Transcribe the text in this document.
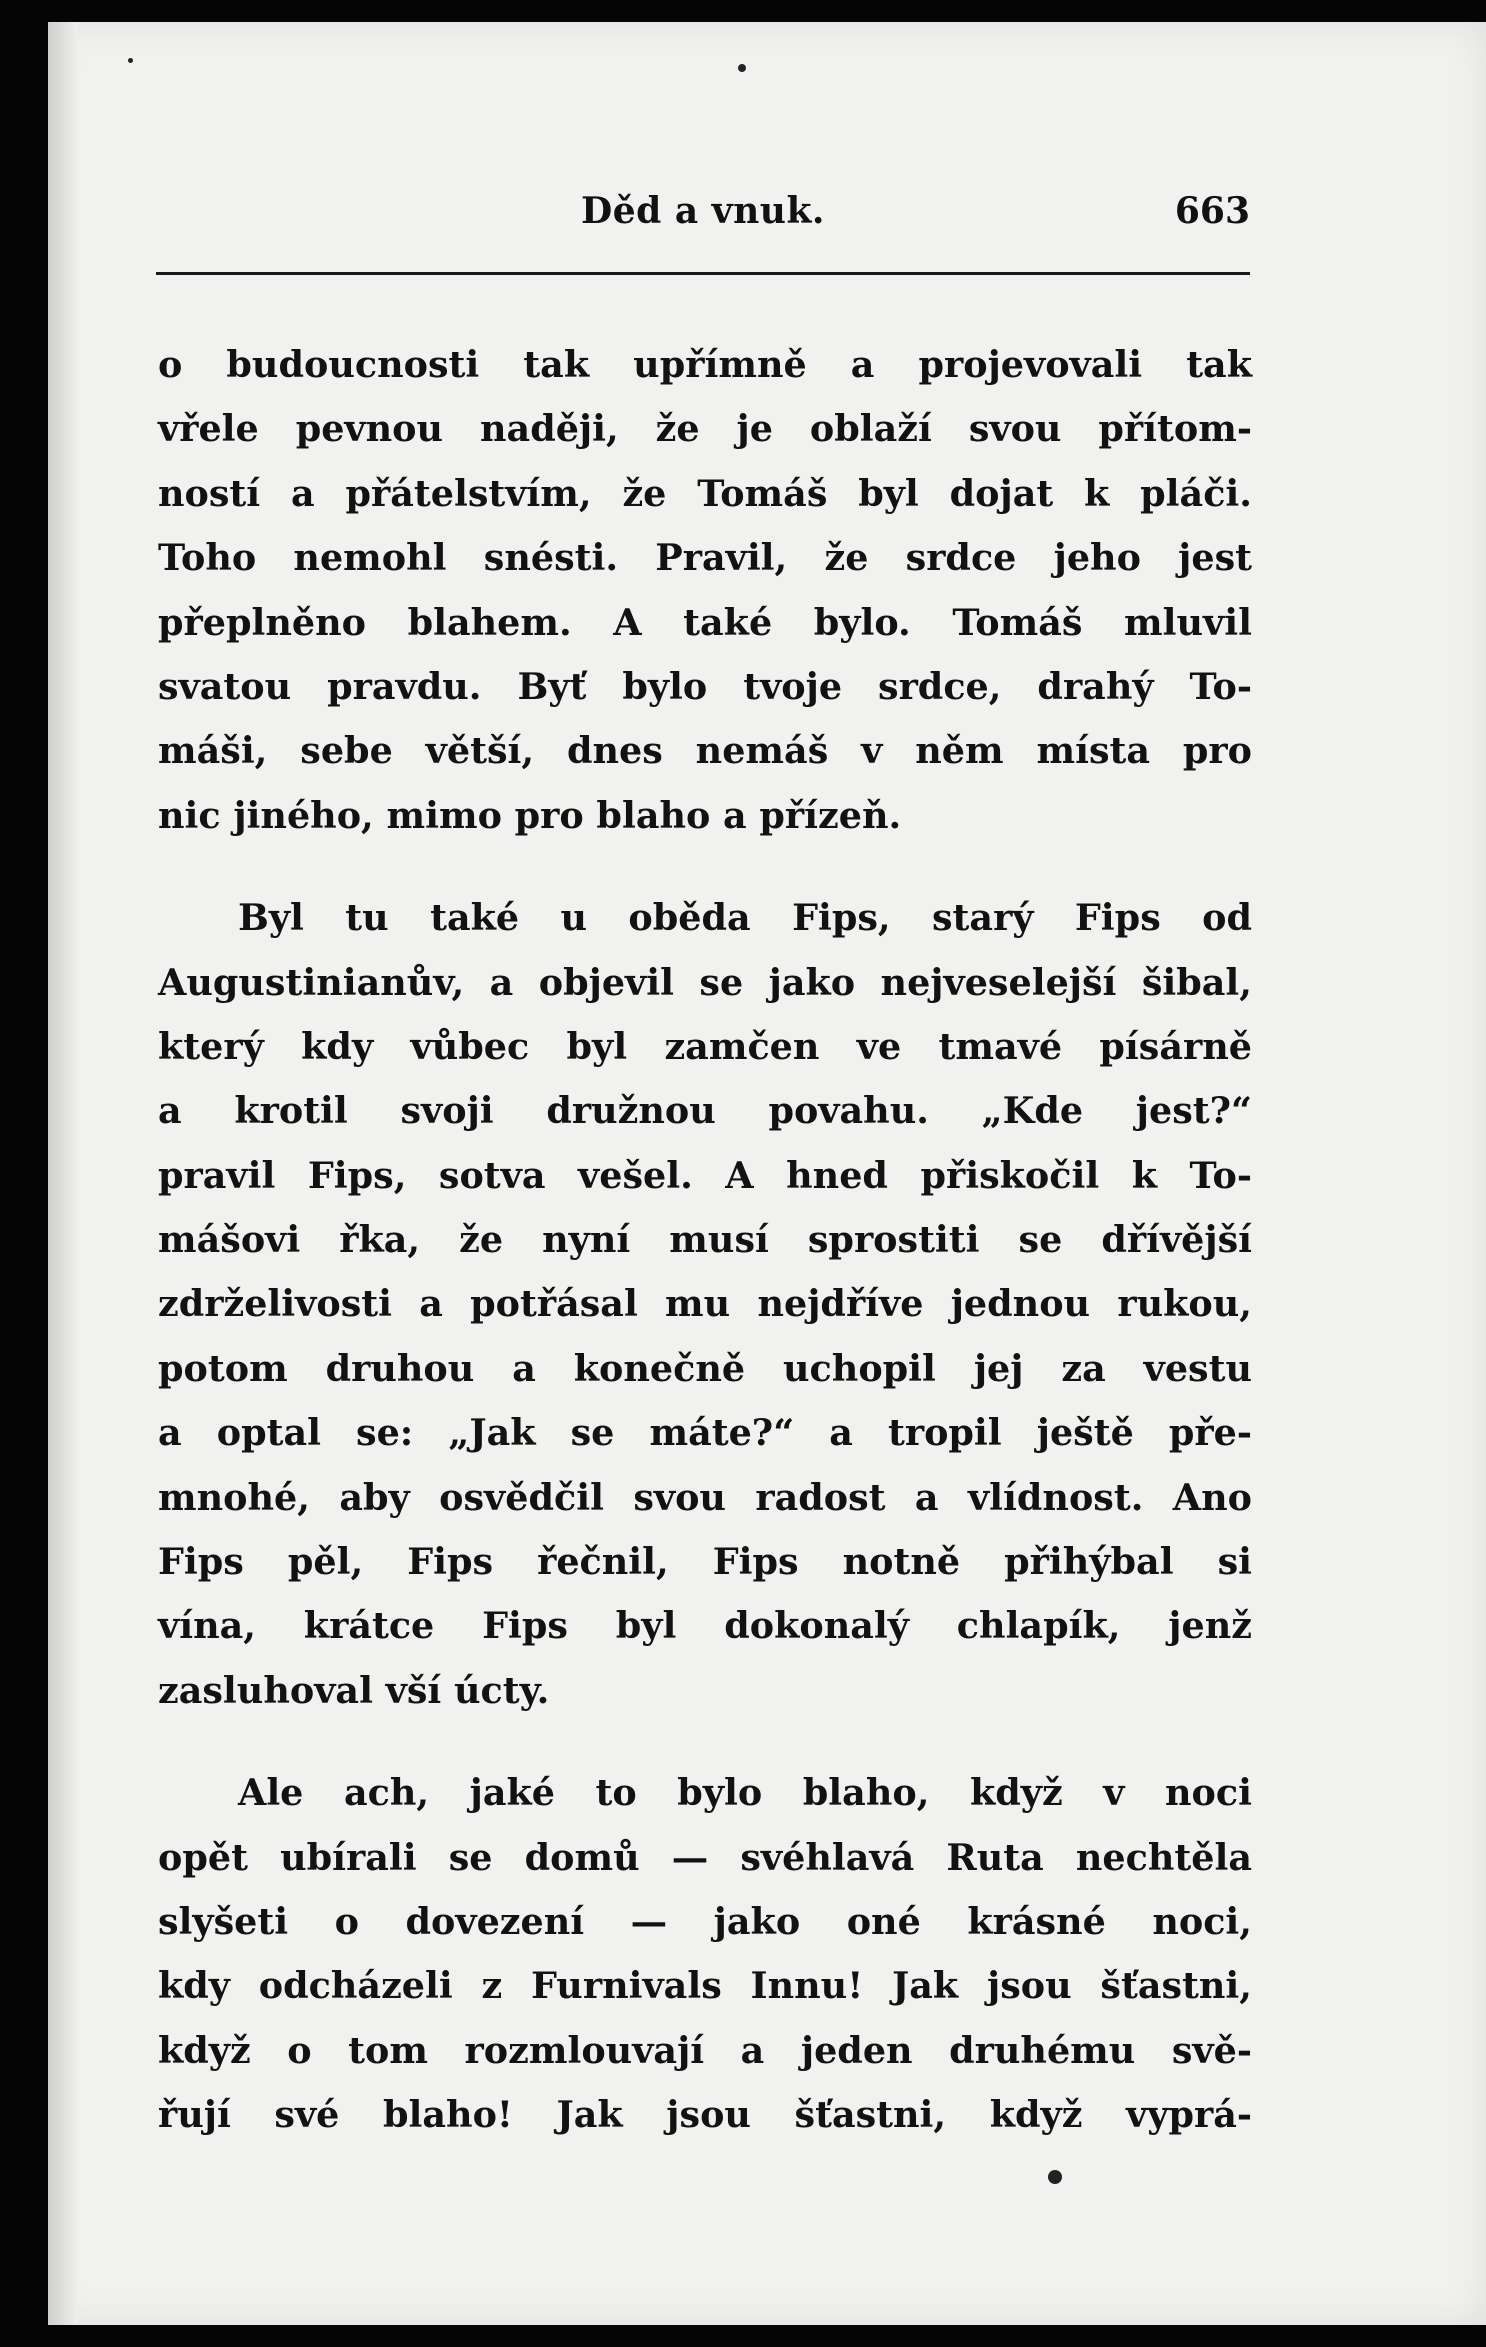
Děd a vnuk.	663
o budoucnosti tak upřímně a projevovali tak
vřele pevnou naději, že je oblaží svou přítom-
ností a přátelstvím, že Tomáš byl dojat k pláči.
Toho nemohl snésti. Pravil, že srdce jeho jest
přeplněno blahem. A také bylo. Tomáš mluvil
svatou pravdu. Byť bylo tvoje srdce, drahý To-
máši, sebe větší, dnes nemáš v něm místa pro
nic jiného, mimo pro blaho a přízeň.
Byl tu také u oběda Fips, starý Fips od
Augustinianův, a objevil se jako nejveselejší šibal,
který kdy vůbec byl zamčen ve tmavé písárně
a krotil svoji družnou povahu. „Kde jest?“
pravil Fips, sotva vešel. A hned přiskočil k To-
mášovi řka, že nyní musí sprostiti se dřívější
zdrželivosti a potřásal mu nejdříve jednou rukou,
potom druhou a konečně uchopil jej za vestu
a optal se: „Jak se máte?“ a tropil ještě pře-
mnohé, aby osvědčil svou radost a vlídnost. Ano
Fips pěl, Fips řečnil, Fips notně přihýbal si
vína, krátce Fips byl dokonalý chlapík, jenž
zasluhoval vší úcty.
Ale ach, jaké to bylo blaho, když v noci
opět ubírali se domů — svéhlavá Ruta nechtěla
slyšeti o dovezení — jako oné krásné noci,
kdy odcházeli z Furnivals Innu! Jak jsou šťastni,
když o tom rozmlouvají a jeden druhému svě-
řují své blaho! Jak jsou šťastni, když vyprá-
